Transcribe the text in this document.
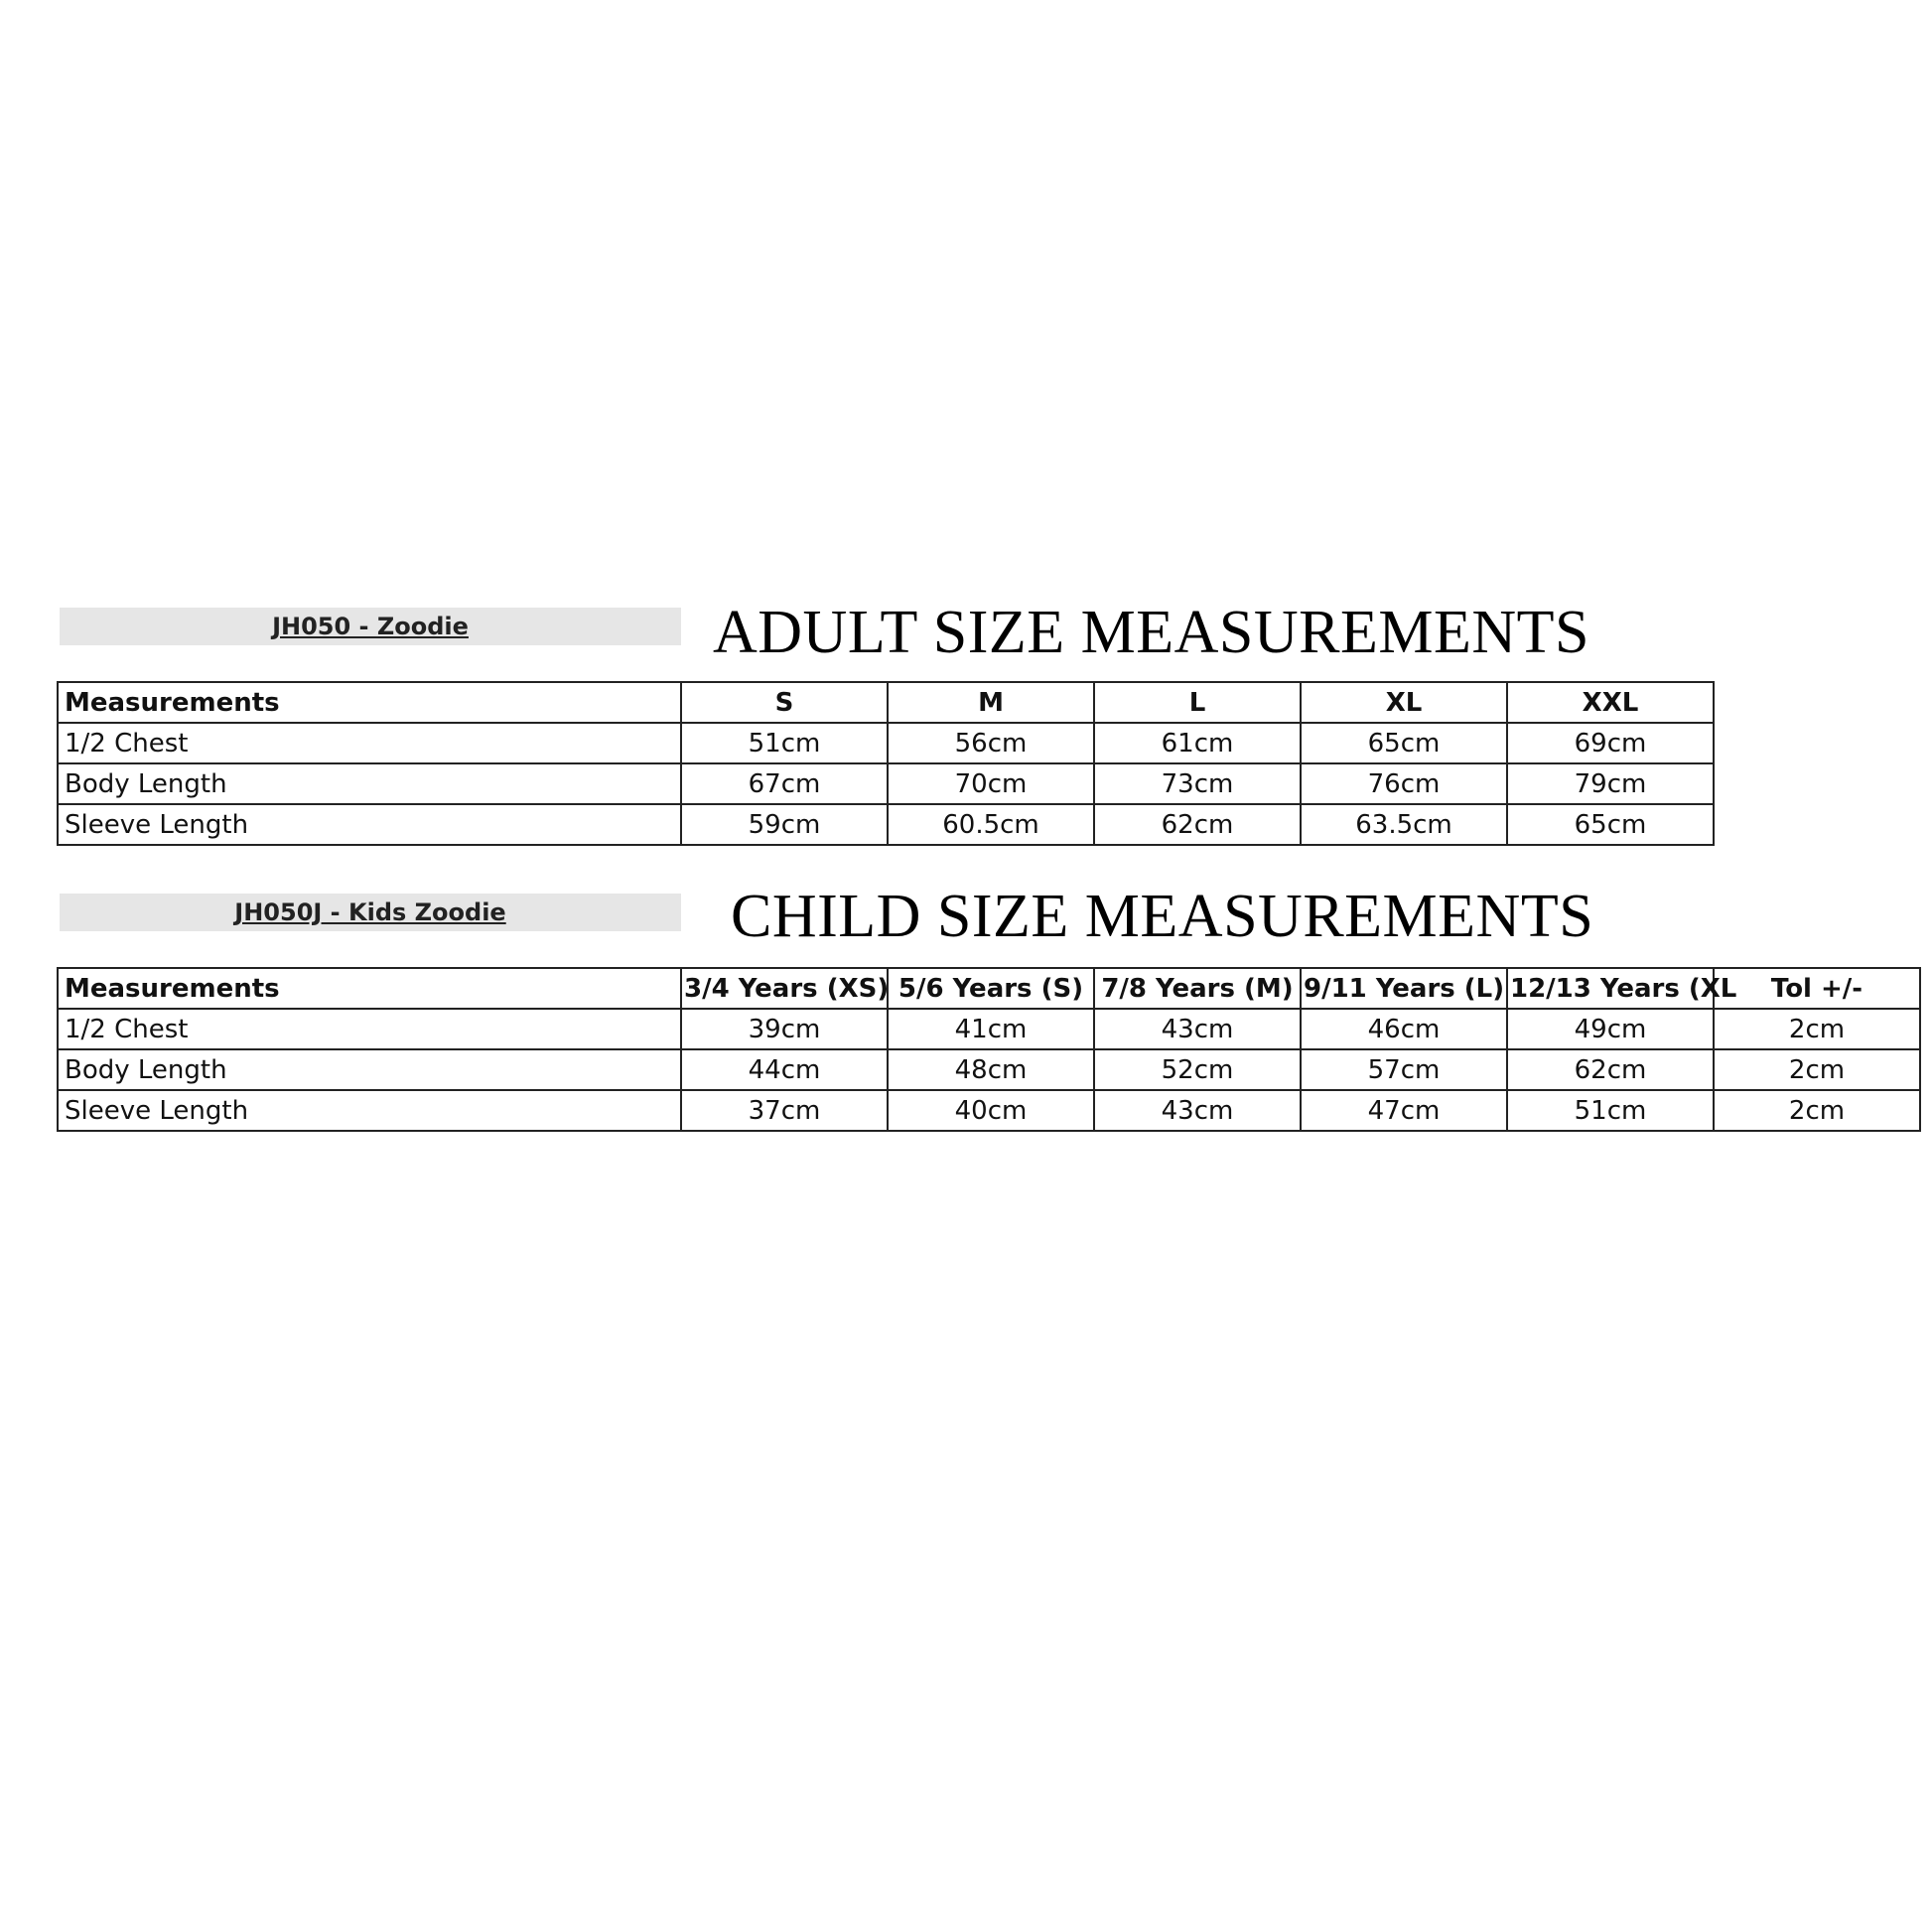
JH050 - Zoodie	ADULT SIZE MEASUREMENTS
Measurements	S	M	L	XL	XXL
1/2 Chest	51cm	56cm	61cm	65cm	69cm
Body Length	67cm	70cm	73cm	76cm	79cm
Sleeve Length	59cm	60.5cm	62cm	63.5cm	65cm
JH050J - Kids Zoodie	CHILD SIZE MEASUREMENTS
Measurements	3/4 Years (XS)	5/6 Years (S)	7/8 Years (M)	9/11 Years (L)	12/13 Years (XL	Tol +/-
1/2 Chest	39cm	41cm	43cm	46cm	49cm	2cm
Body Length	44cm	48cm	52cm	57cm	62cm	2cm
Sleeve Length	37cm	40cm	43cm	47cm	51cm	2cm
